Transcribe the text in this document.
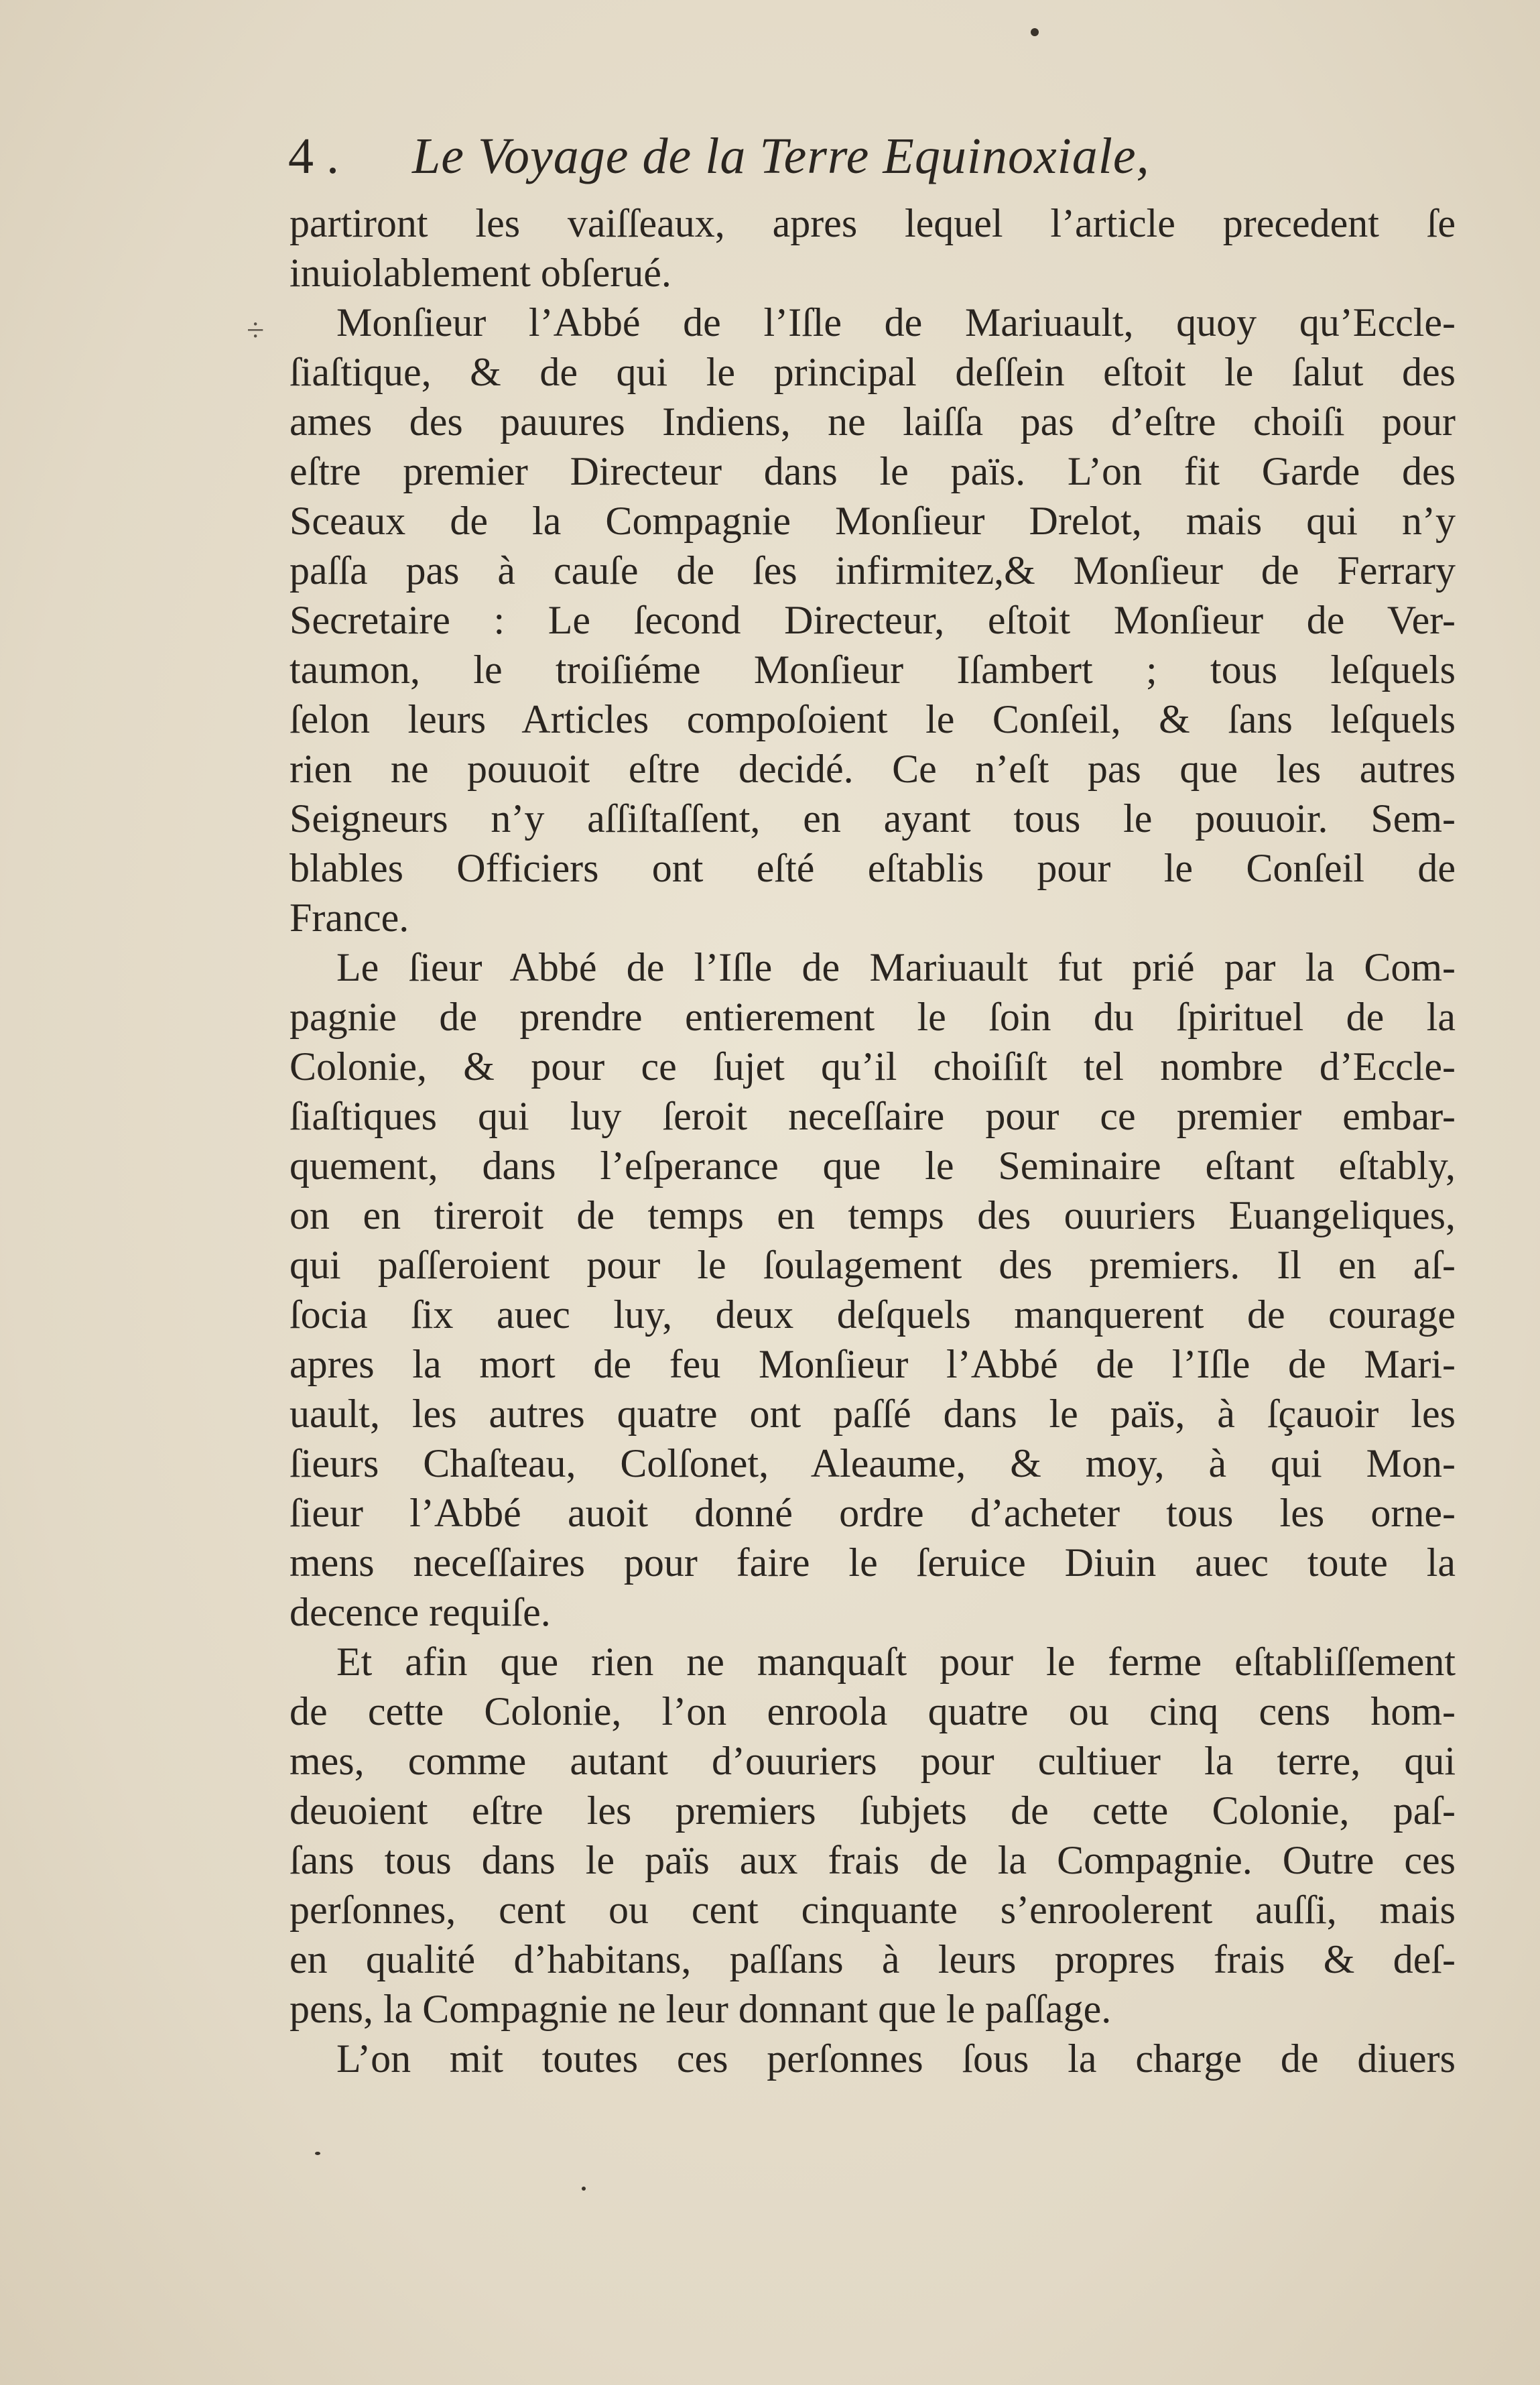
4 . Le Voyage de la Terre Equinoxiale,
÷
partiront les vaiſſeaux, apres lequel l’article precedent ſe
inuiolablement obſerué.
Monſieur l’Abbé de l’Iſle de Mariuault, quoy qu’Eccle-
ſiaſtique, & de qui le principal deſſein eſtoit le ſalut des
ames des pauures Indiens, ne laiſſa pas d’eſtre choiſi pour
eſtre premier Directeur dans le païs. L’on fit Garde des
Sceaux de la Compagnie Monſieur Drelot, mais qui n’y
paſſa pas à cauſe de ſes infirmitez,& Monſieur de Ferrary
Secretaire : Le ſecond Directeur, eſtoit Monſieur de Ver-
taumon, le troiſiéme Monſieur Iſambert ; tous leſquels
ſelon leurs Articles compoſoient le Conſeil, & ſans leſquels
rien ne pouuoit eſtre decidé. Ce n’eſt pas que les autres
Seigneurs n’y aſſiſtaſſent, en ayant tous le pouuoir. Sem-
blables Officiers ont eſté eſtablis pour le Conſeil de
France.
Le ſieur Abbé de l’Iſle de Mariuault fut prié par la Com-
pagnie de prendre entierement le ſoin du ſpirituel de la
Colonie, & pour ce ſujet qu’il choiſiſt tel nombre d’Eccle-
ſiaſtiques qui luy ſeroit neceſſaire pour ce premier embar-
quement, dans l’eſperance que le Seminaire eſtant eſtably,
on en tireroit de temps en temps des ouuriers Euangeliques,
qui paſſeroient pour le ſoulagement des premiers. Il en aſ-
ſocia ſix auec luy, deux deſquels manquerent de courage
apres la mort de feu Monſieur l’Abbé de l’Iſle de Mari-
uault, les autres quatre ont paſſé dans le païs, à ſçauoir les
ſieurs Chaſteau, Colſonet, Aleaume, & moy, à qui Mon-
ſieur l’Abbé auoit donné ordre d’acheter tous les orne-
mens neceſſaires pour faire le ſeruice Diuin auec toute la
decence requiſe.
Et afin que rien ne manquaſt pour le ferme eſtabliſſement
de cette Colonie, l’on enroola quatre ou cinq cens hom-
mes, comme autant d’ouuriers pour cultiuer la terre, qui
deuoient eſtre les premiers ſubjets de cette Colonie, paſ-
ſans tous dans le païs aux frais de la Compagnie. Outre ces
perſonnes, cent ou cent cinquante s’enroolerent auſſi, mais
en qualité d’habitans, paſſans à leurs propres frais & deſ-
pens, la Compagnie ne leur donnant que le paſſage.
L’on mit toutes ces perſonnes ſous la charge de diuers
